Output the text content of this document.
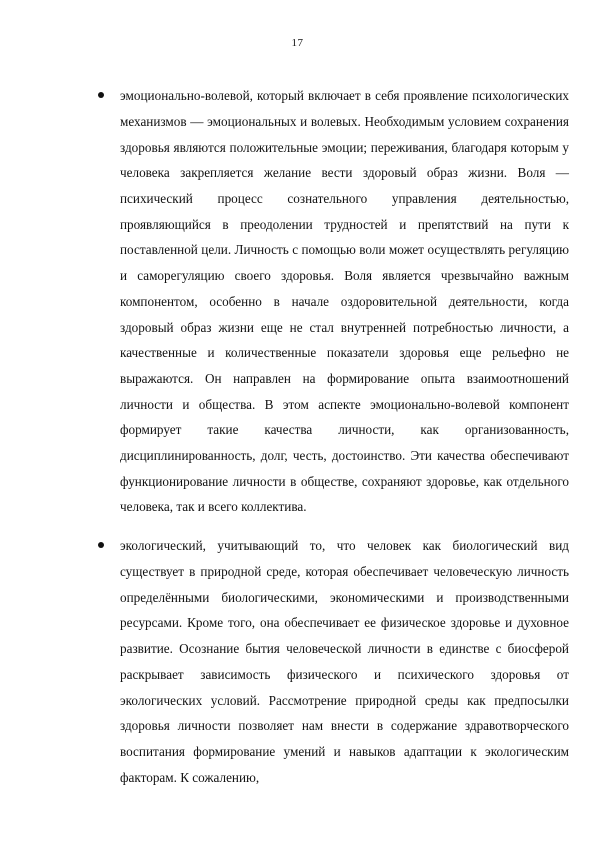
17

эмоционально-волевой, который включает в себя проявление психологических механизмов — эмоциональных и волевых. Необходимым условием сохранения здоровья являются положительные эмоции; переживания, благодаря которым у человека закрепляется желание вести здоровый образ жизни. Воля — психический процесс сознательного управления деятельностью, проявляющийся в преодолении трудностей и препятствий на пути к поставленной цели. Личность с помощью воли может осуществлять регуляцию и саморегуляцию своего здоровья. Воля является чрезвычайно важным компонентом, особенно в начале оздоровительной деятельности, когда здоровый образ жизни еще не стал внутренней потребностью личности, а качественные и количественные показатели здоровья еще рельефно не выражаются. Он направлен на формирование опыта взаимоотношений личности и общества. В этом аспекте эмоционально-волевой компонент формирует такие качества личности, как организованность, дисциплинированность, долг, честь, достоинство. Эти качества обеспечивают функционирование личности в обществе, сохраняют здоровье, как отдельного человека, так и всего коллектива.

экологический, учитывающий то, что человек как биологический вид существует в природной среде, которая обеспечивает человеческую личность определёнными биологическими, экономическими и производственными ресурсами. Кроме того, она обеспечивает ее физическое здоровье и духовное развитие. Осознание бытия человеческой личности в единстве с биосферой раскрывает зависимость физического и психического здоровья от экологических условий. Рассмотрение природной среды как предпосылки здоровья личности позволяет нам внести в содержание здравотворческого воспитания формирование умений и навыков адаптации к экологическим факторам. К сожалению,
